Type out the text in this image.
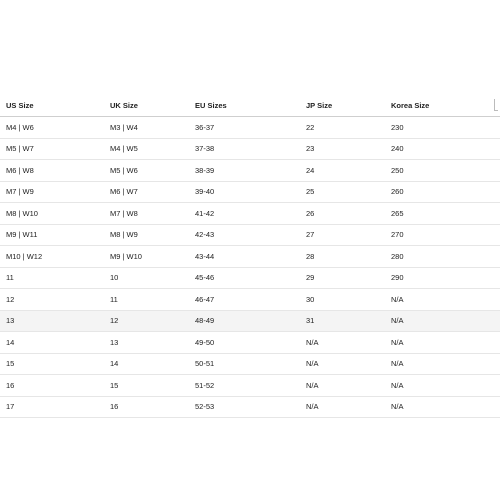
US Size	UK Size	EU Sizes	JP Size	Korea Size	
M4 | W6	M3 | W4	36-37	22	230	
M5 | W7	M4 | W5	37-38	23	240	
M6 | W8	M5 | W6	38-39	24	250	
M7 | W9	M6 | W7	39-40	25	260	
M8 | W10	M7 | W8	41-42	26	265	
M9 | W11	M8 | W9	42-43	27	270	
M10 | W12	M9 | W10	43-44	28	280	
11	10	45-46	29	290	
12	11	46-47	30	N/A	
13	12	48-49	31	N/A	
14	13	49-50	N/A	N/A	
15	14	50-51	N/A	N/A	
16	15	51-52	N/A	N/A	
17	16	52-53	N/A	N/A	
